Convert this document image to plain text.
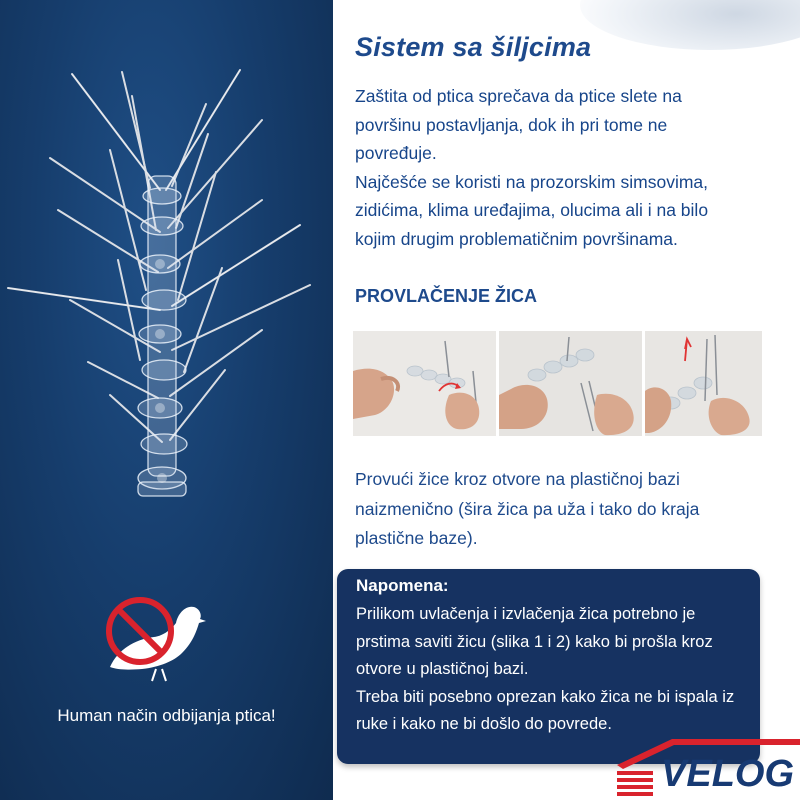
Human način odbijanja ptica!

Sistem sa šiljcima
Zaštita od ptica sprečava da ptice slete na
površinu postavljanja, dok ih pri tome ne
povređuje.
Najčešće se koristi na prozorskim simsovima,
zidićima, klima uređajima, olucima ali i na bilo
kojim drugim problematičnim površinama.
PROVLAČENJE ŽICA
Provući žice kroz otvore na plastičnoj bazi
naizmenično (šira žica pa uža i tako do kraja
plastične baze).

Napomena:

Prilikom uvlačenja i izvlačenja žica potrebno je
prstima saviti žicu (slika 1 i 2) kako bi prošla kroz
otvore u plastičnoj bazi.
Treba biti posebno oprezan kako žica ne bi ispala iz
ruke i kako ne bi došlo do povrede.
VELOG
